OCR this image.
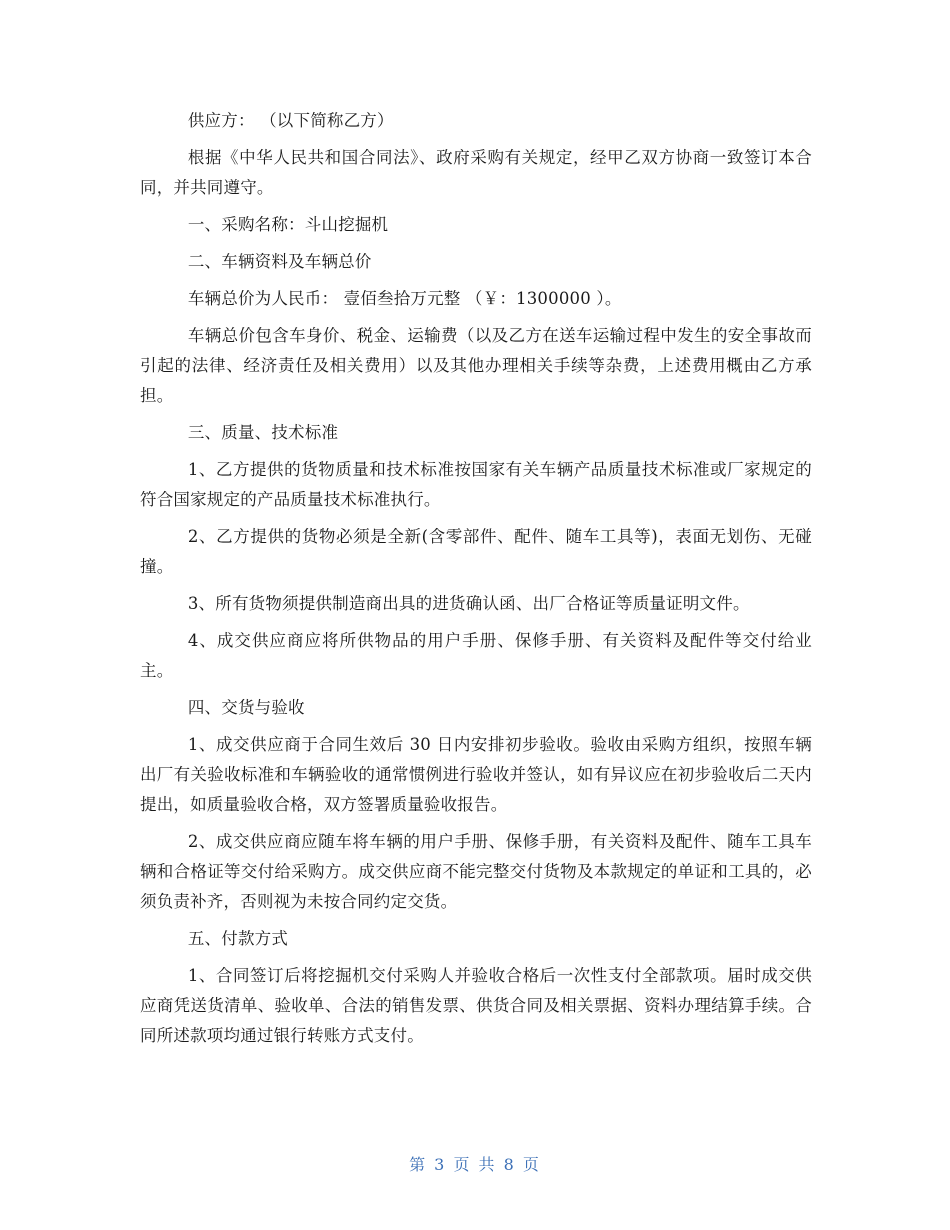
供应方： （以下简称乙方）

根据《中华人民共和国合同法》、政府采购有关规定，经甲乙双方协商一致签订本合同，并共同遵守。

一、采购名称：斗山挖掘机

二、车辆资料及车辆总价

车辆总价为人民币： 壹佰叁拾万元整 （￥：1300000 ）。

车辆总价包含车身价、税金、运输费（以及乙方在送车运输过程中发生的安全事故而引起的法律、经济责任及相关费用）以及其他办理相关手续等杂费，上述费用概由乙方承担。

三、质量、技术标准

1、乙方提供的货物质量和技术标准按国家有关车辆产品质量技术标准或厂家规定的符合国家规定的产品质量技术标准执行。

2、乙方提供的货物必须是全新(含零部件、配件、随车工具等)，表面无划伤、无碰撞。

3、所有货物须提供制造商出具的进货确认函、出厂合格证等质量证明文件。

4、成交供应商应将所供物品的用户手册、保修手册、有关资料及配件等交付给业主。

四、交货与验收

1、成交供应商于合同生效后 30 日内安排初步验收。验收由采购方组织，按照车辆出厂有关验收标准和车辆验收的通常惯例进行验收并签认，如有异议应在初步验收后二天内提出，如质量验收合格，双方签署质量验收报告。

2、成交供应商应随车将车辆的用户手册、保修手册，有关资料及配件、随车工具车辆和合格证等交付给采购方。成交供应商不能完整交付货物及本款规定的单证和工具的，必须负责补齐，否则视为未按合同约定交货。

五、付款方式

1、合同签订后将挖掘机交付采购人并验收合格后一次性支付全部款项。届时成交供应商凭送货清单、验收单、合法的销售发票、供货合同及相关票据、资料办理结算手续。合同所述款项均通过银行转账方式支付。

第 3 页 共 8 页
